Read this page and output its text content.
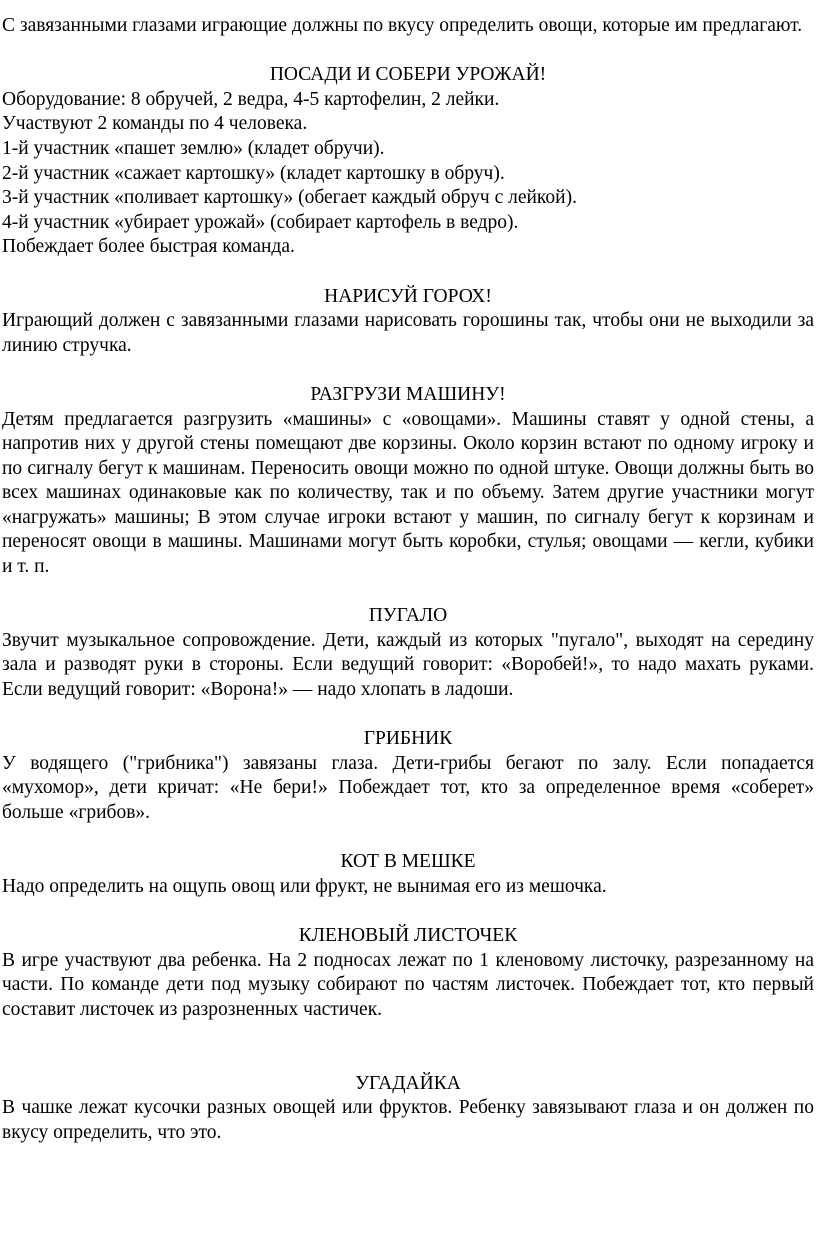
С завязанными глазами играющие должны по вкусу определить овощи, которые им предлагают.

ПОСАДИ И СОБЕРИ УРОЖАЙ!

Оборудование: 8 обручей, 2 ведра, 4-5 картофелин, 2 лейки.

Участвуют 2 команды по 4 человека.

1-й участник «пашет землю» (кладет обручи).

2-й участник «сажает картошку» (кладет картошку в обруч).

3-й участник «поливает картошку» (обегает каждый обруч с лейкой).

4-й участник «убирает урожай» (собирает картофель в ведро).

Побеждает более быстрая команда.

НАРИСУЙ ГОРОХ!

Играющий должен с завязанными глазами нарисовать горошины так, чтобы они не выходили за линию стручка.

РАЗГРУЗИ МАШИНУ!

Детям предлагается разгрузить «машины» с «овощами». Машины ставят у одной стены, а напротив них у другой стены помещают две корзины. Около корзин встают по одному игроку и по сигналу бегут к машинам. Переносить овощи можно по одной штуке. Овощи должны быть во всех машинах одинаковые как по количеству, так и по объему. Затем другие участники могут «нагружать» машины; В этом случае игроки встают у машин, по сигналу бегут к корзинам и переносят овощи в машины. Машинами могут быть коробки, стулья; овощами — кегли, кубики и т. п.

ПУГАЛО

Звучит музыкальное сопровождение. Дети, каждый из которых "пугало", выходят на середину зала и разводят руки в стороны. Если ведущий говорит: «Воробей!», то надо махать руками. Если ведущий говорит: «Ворона!» — надо хлопать в ладоши.

ГРИБНИК

У водящего ("грибника") завязаны глаза. Дети-грибы бегают по залу. Если попадается «мухомор», дети кричат: «Не бери!» Побеждает тот, кто за определенное время «соберет» больше «грибов».

КОТ В МЕШКЕ

Надо определить на ощупь овощ или фрукт, не вынимая его из мешочка.

КЛЕНОВЫЙ ЛИСТОЧЕК

В игре участвуют два ребенка. На 2 подносах лежат по 1 кленовому листочку, разрезанному на части. По команде дети под музыку собирают по частям листочек. Побеждает тот, кто первый составит листочек из разрозненных частичек.

УГАДАЙКА

В чашке лежат кусочки разных овощей или фруктов. Ребенку завязывают глаза и он должен по вкусу определить, что это.
